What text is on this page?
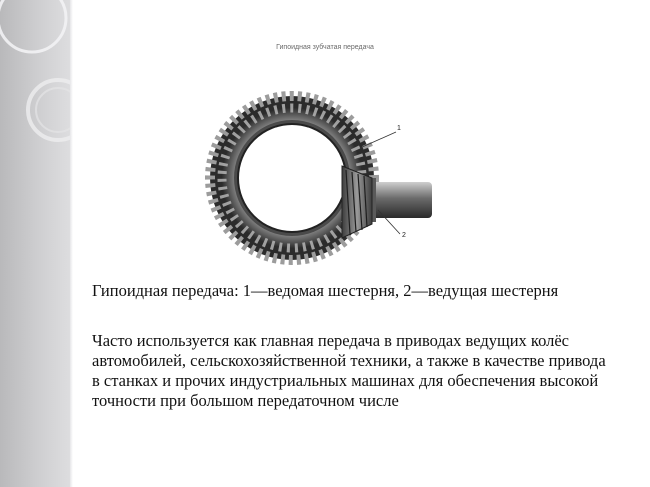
Гипоидная зубчатая передача
1
2
Гипоидная передача: 1—ведомая шестерня, 2—ведущая шестерня
Часто используется как главная передача в приводах ведущих колёс автомобилей, сельскохозяйственной техники, а также в качестве привода в станках и прочих индустриальных машинах для обеспечения высокой точности при большом передаточном числе
